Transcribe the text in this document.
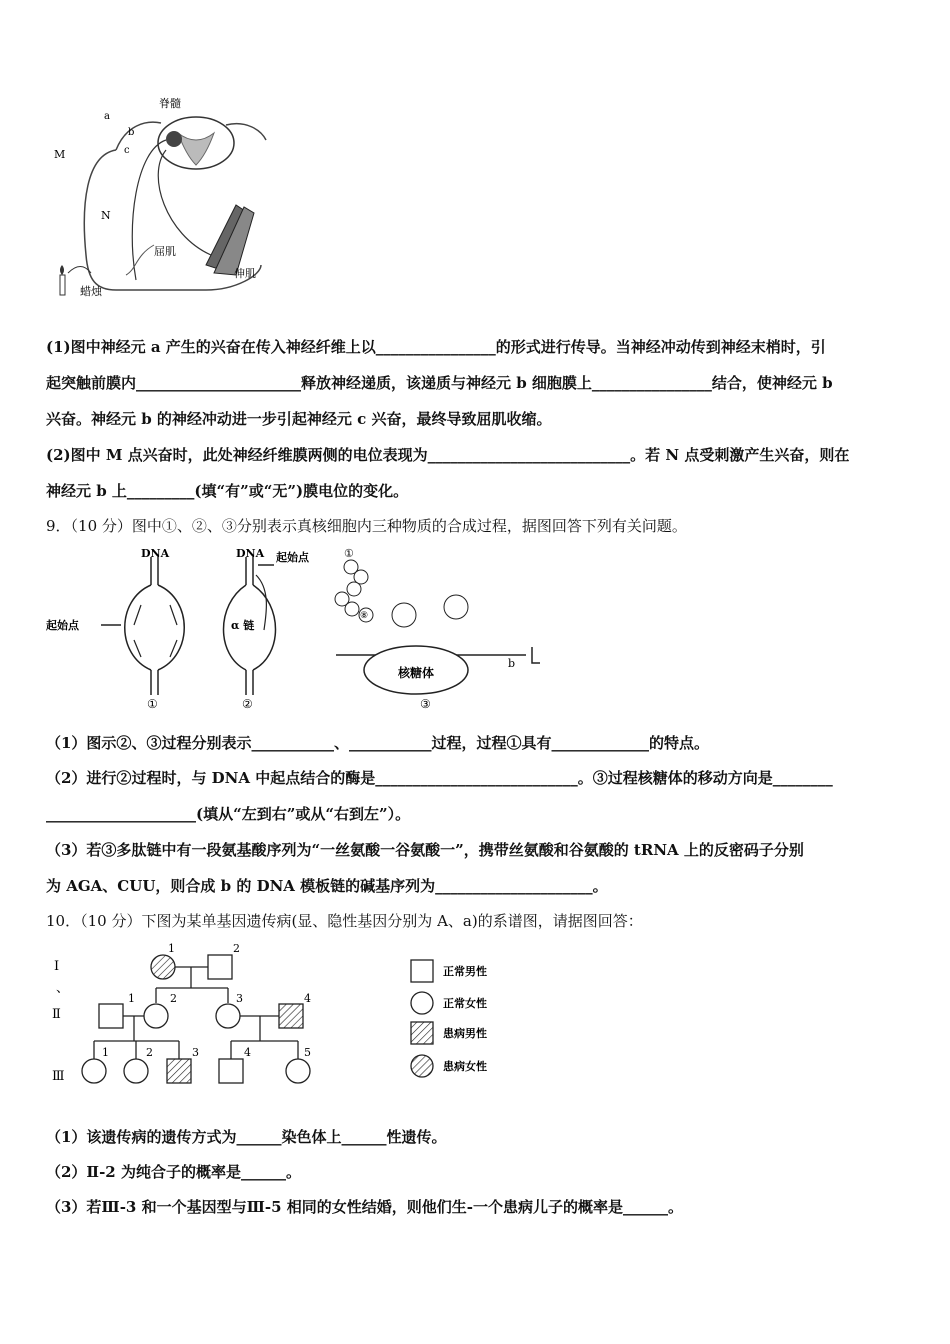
脊髓
a
b
c
M
N
屈肌
伸肌
蜡烛
(1)图中神经元 a 产生的兴奋在传入神经纤维上以________________的形式进行传导。当神经冲动传到神经末梢时，引
起突触前膜内______________________释放神经递质，该递质与神经元 b 细胞膜上________________结合，使神经元 b
兴奋。神经元 b 的神经冲动进一步引起神经元 c 兴奋，最终导致屈肌收缩。
(2)图中 M 点兴奋时，此处神经纤维膜两侧的电位表现为___________________________。若 N 点受刺激产生兴奋，则在
神经元 b 上_________(填“有”或“无”)膜电位的变化。
9．（10 分）图中①、②、③分别表示真核细胞内三种物质的合成过程，据图回答下列有关问题。
DNA	DNA
起始点
起始点
α 链
核糖体
b
①	②	③
①
⑧
（1）图示②、③过程分别表示___________、___________过程，过程①具有_____________的特点。
（2）进行②过程时，与 DNA 中起点结合的酶是___________________________。③过程核糖体的移动方向是________
____________________(填从“左到右”或从“右到左”）。
（3）若③多肽链中有一段氨基酸序列为“一丝氨酸一谷氨酸一”，携带丝氨酸和谷氨酸的 tRNA 上的反密码子分别
为 AGA、CUU，则合成 b 的 DNA 模板链的碱基序列为_____________________。
10．（10 分）下图为某单基因遗传病(显、隐性基因分别为 A、a)的系谱图，请据图回答：
Ⅰ
、
Ⅱ
Ⅲ
1	2
1	2	3	4
1	2	3	4	5
正常男性
正常女性
患病男性
患病女性
（1）该遗传病的遗传方式为______染色体上______性遗传。
（2）Ⅱ-2 为纯合子的概率是______。
（3）若Ⅲ-3 和一个基因型与Ⅲ-5 相同的女性结婚，则他们生-一个患病儿子的概率是______。
